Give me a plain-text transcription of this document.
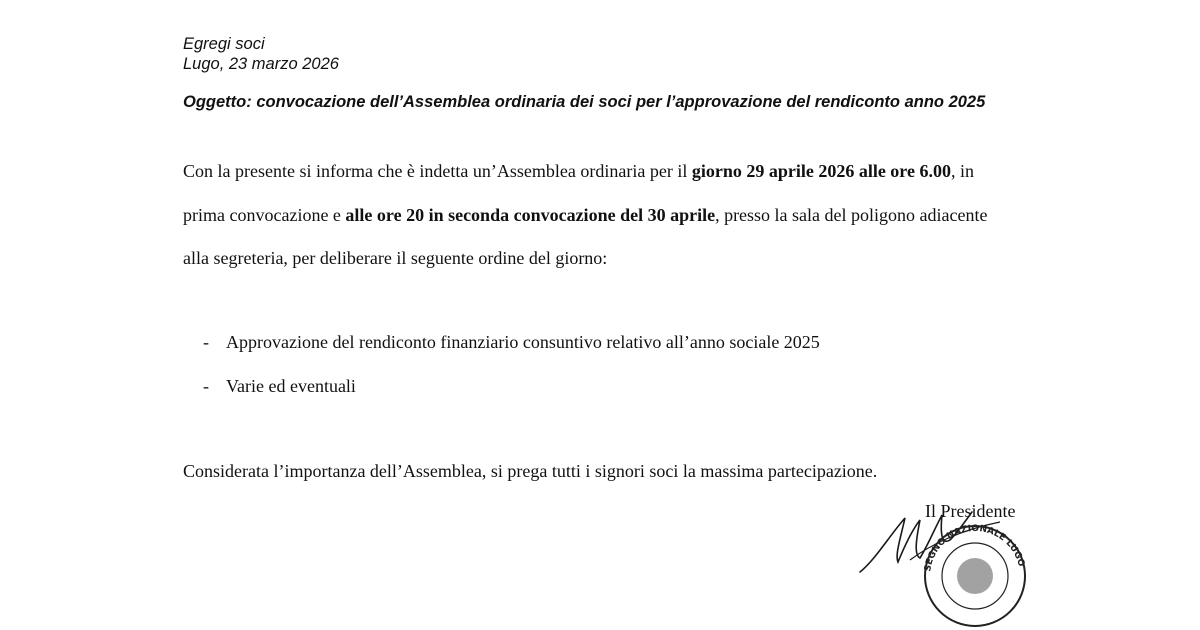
Egregi soci
Lugo, 23 marzo 2026
Oggetto: convocazione dell’Assemblea ordinaria dei soci per l’approvazione del rendiconto anno 2025
Con la presente si informa che è indetta un’Assemblea ordinaria per il giorno 29 aprile 2026 alle ore 6.00, in
prima convocazione e alle ore 20 in seconda convocazione del 30 aprile, presso la sala del poligono adiacente
alla segreteria, per deliberare il seguente ordine del giorno:
- Approvazione del rendiconto finanziario consuntivo relativo all’anno sociale 2025
- Varie ed eventuali
Considerata l’importanza dell’Assemblea, si prega tutti i signori soci la massima partecipazione.
Il Presidente
SEGNO NAZIONALE LUGO
